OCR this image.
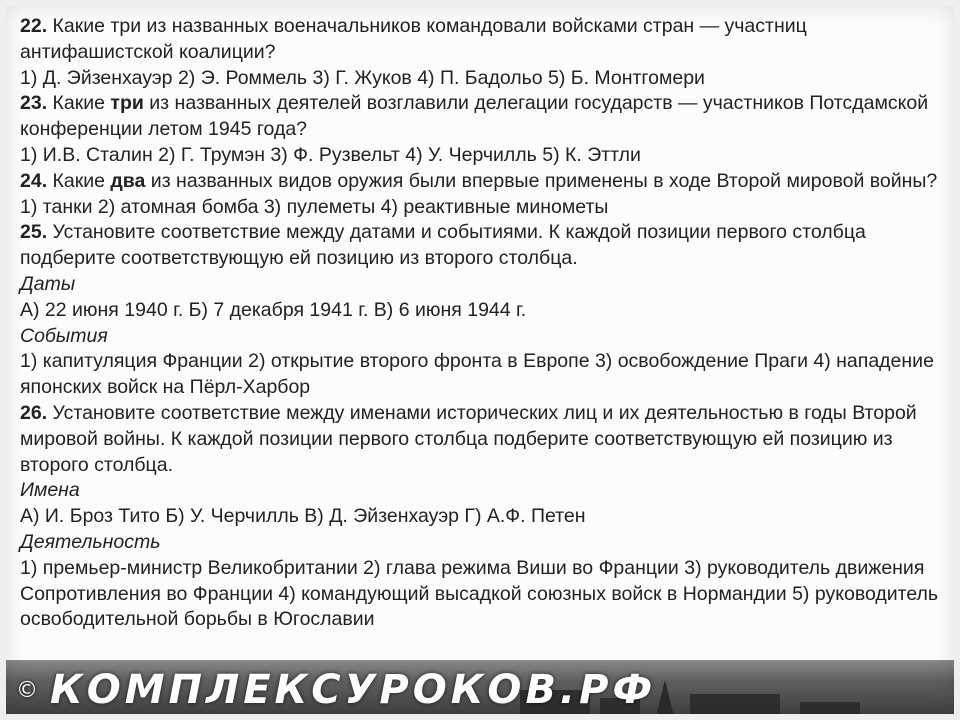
22. Какие три из названных военачальников командовали войсками стран — участниц антифашистской коалиции?

1) Д. Эйзенхауэр 2) Э. Роммель 3) Г. Жуков 4) П. Бадольо 5) Б. Монтгомери

23. Какие три из названных деятелей возглавили делегации государств — участников Потсдамской конференции летом 1945 года?

1) И.В. Сталин 2) Г. Трумэн 3) Ф. Рузвельт 4) У. Черчилль 5) К. Эттли

24. Какие два из названных видов оружия были впервые применены в ходе Второй мировой войны?

1) танки 2) атомная бомба 3) пулеметы 4) реактивные минометы

25. Установите соответствие между датами и событиями. К каждой позиции первого столбца подберите соответствующую ей позицию из второго столбца.

Даты

А) 22 июня 1940 г. Б) 7 декабря 1941 г. В) 6 июня 1944 г.

События

1) капитуляция Франции 2) открытие второго фронта в Европе 3) освобождение Праги 4) нападение японских войск на Пёрл-Харбор

26. Установите соответствие между именами исторических лиц и их деятельностью в годы Второй мировой войны. К каждой позиции первого столбца подберите соответствующую ей позицию из второго столбца.

Имена

А) И. Броз Тито Б) У. Черчилль В) Д. Эйзенхауэр Г) А.Ф. Петен

Деятельность

1) премьер-министр Великобритании 2) глава режима Виши во Франции 3) руководитель движения Сопротивления во Франции 4) командующий высадкой союзных войск в Нормандии 5) руководитель освободительной борьбы в Югославии

© КОМПЛЕКСУРОКОВ.РФ
